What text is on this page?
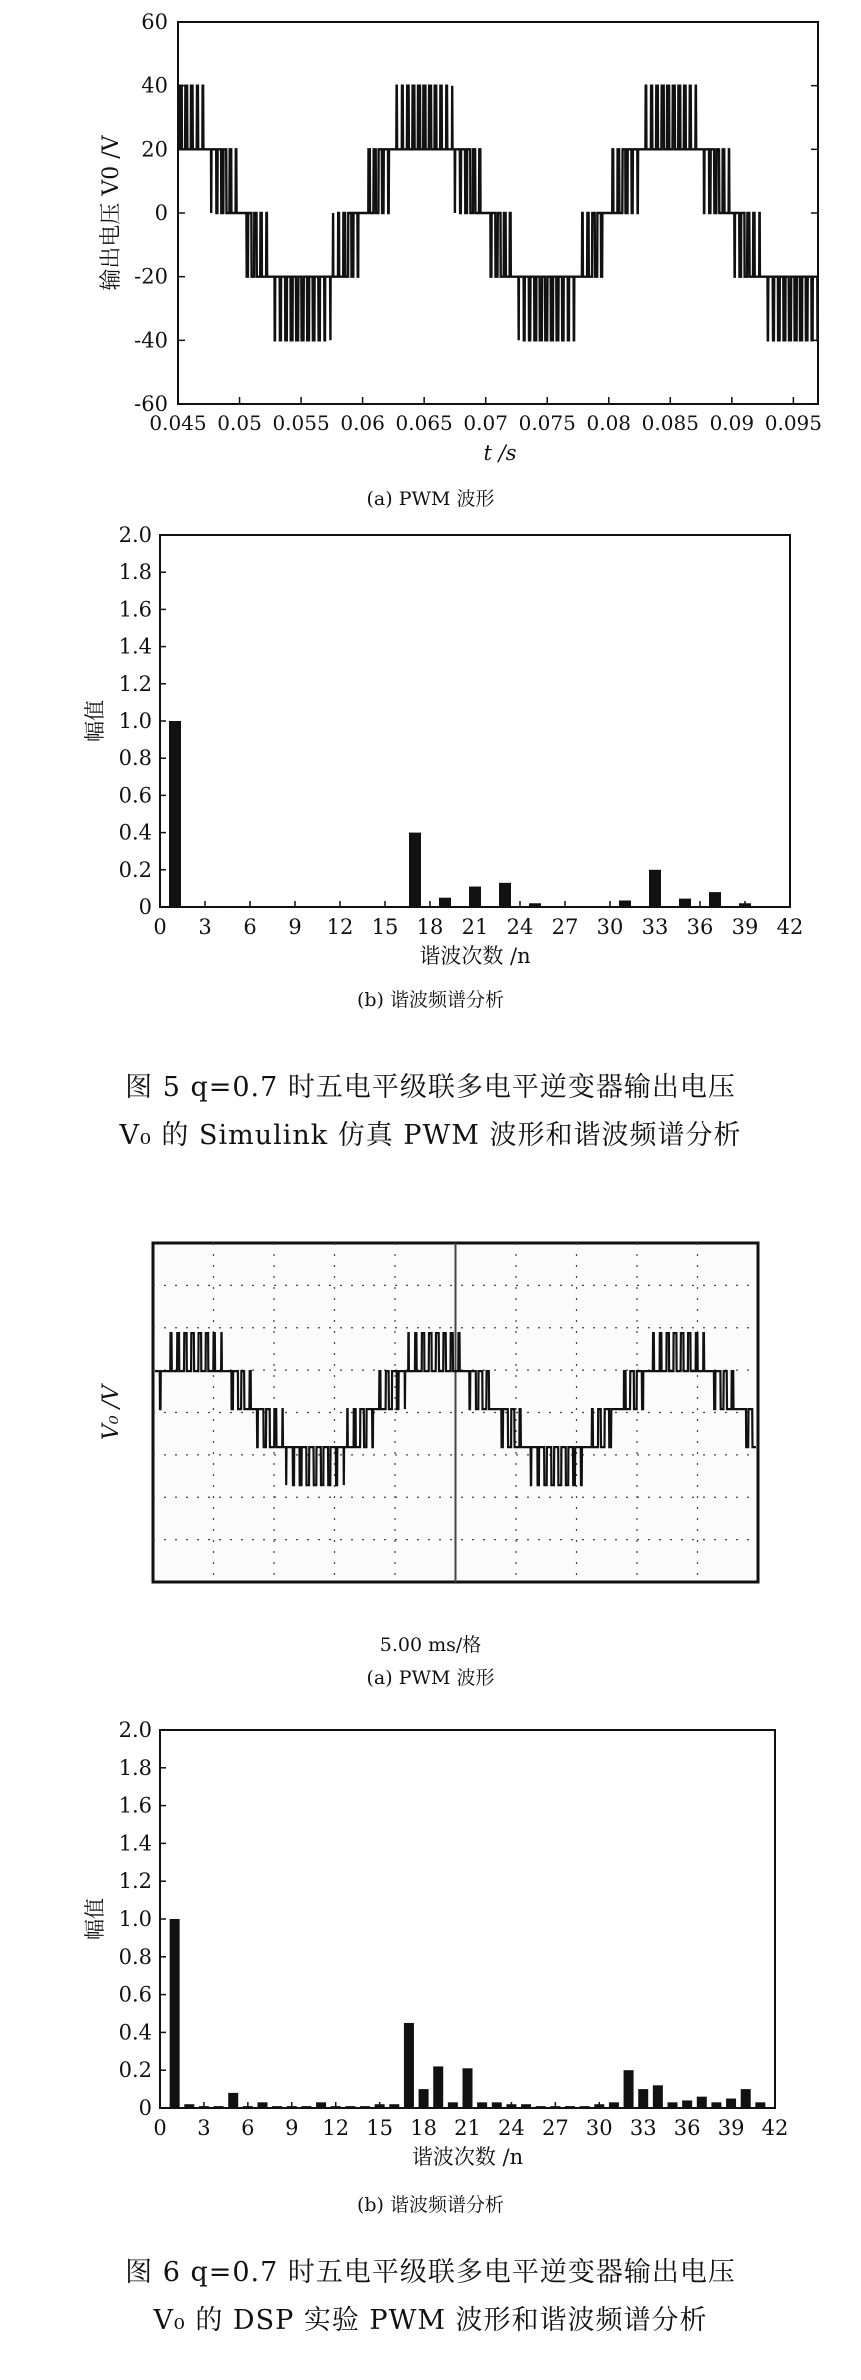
60
40
20
0
-20
-40
-60
0.045 0.05 0.055 0.06 0.065 0.07 0.075 0.08 0.085 0.09 0.095
t /s
输出电压 V0 /V
(a) PWM 波形
2.0
1.8
1.6
1.4
1.2
1.0
0.8
0.6
0.4
0.2
0
0 3 6 9 12 15 18 21 24 27 30 33 36 39 42
谐波次数 /n
幅值
(b) 谐波频谱分析
图 5 q=0.7 时五电平级联多电平逆变器输出电压
V₀ 的 Simulink 仿真 PWM 波形和谐波频谱分析
V₀ /V
5.00 ms/格
(a) PWM 波形
2.0
1.8
1.6
1.4
1.2
1.0
0.8
0.6
0.4
0.2
0
0 3 6 9 12 15 18 21 24 27 30 33 36 39 42
谐波次数 /n
幅值
(b) 谐波频谱分析
图 6 q=0.7 时五电平级联多电平逆变器输出电压
V₀ 的 DSP 实验 PWM 波形和谐波频谱分析
